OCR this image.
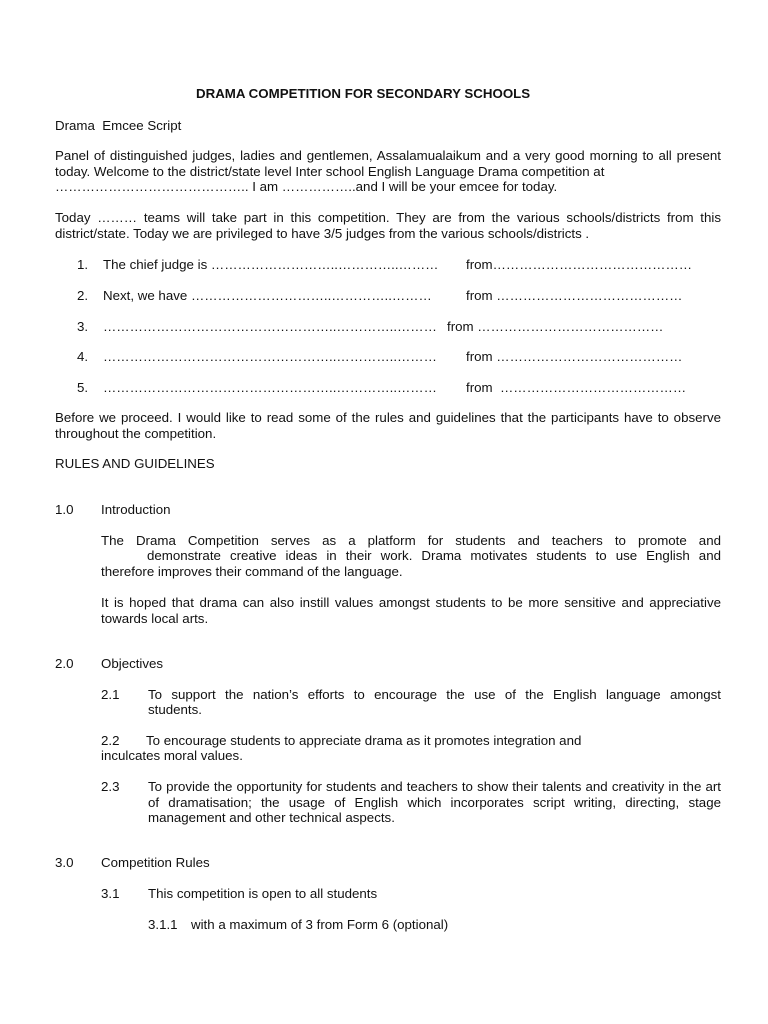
DRAMA COMPETITION FOR SECONDARY SCHOOLS
Drama  Emcee Script
Panel of distinguished judges, ladies and gentlemen, Assalamualaikum and a very good morning to all present today. Welcome to the district/state level Inter school English Language Drama competition at
…………………………………….. I am ……………..and I will be your emcee for today.
Today ……… teams will take part in this competition. They are from the various schools/districts from this district/state. Today we are privileged to have 3/5 judges from the various schools/districts .
1. The chief judge is ………………………..…………..……… from………………………………………
2. Next, we have …………………………..…………..………	from ……………………………………
3. ……………………………………………..…………..……… from ……………………………………
4. ……………………………………………..…………..……… from ……………………………………
5. ……………………………………………..…………..……… from  ……………………………………
Before we proceed. I would like to read some of the rules and guidelines that the participants have to observe throughout the competition.
RULES AND GUIDELINES
1.0 Introduction
The Drama Competition serves as a platform for students and teachers to promote and
demonstrate creative ideas in their work. Drama motivates students to use English and
therefore improves their command of the language.
It is hoped that drama can also instill values amongst students to be more sensitive and appreciative towards local arts.
2.0 Objectives
2.1 To support the nation’s efforts to encourage the use of the English language amongst
students.
2.2 To encourage students to appreciate drama as it promotes integration and
inculcates moral values.
2.3 To provide the opportunity for students and teachers to show their talents and creativity in the art of dramatisation; the usage of English which incorporates script writing, directing, stage management and other technical aspects.
3.0 Competition Rules
3.1 This competition is open to all students
3.1.1 with a maximum of 3 from Form 6 (optional)
